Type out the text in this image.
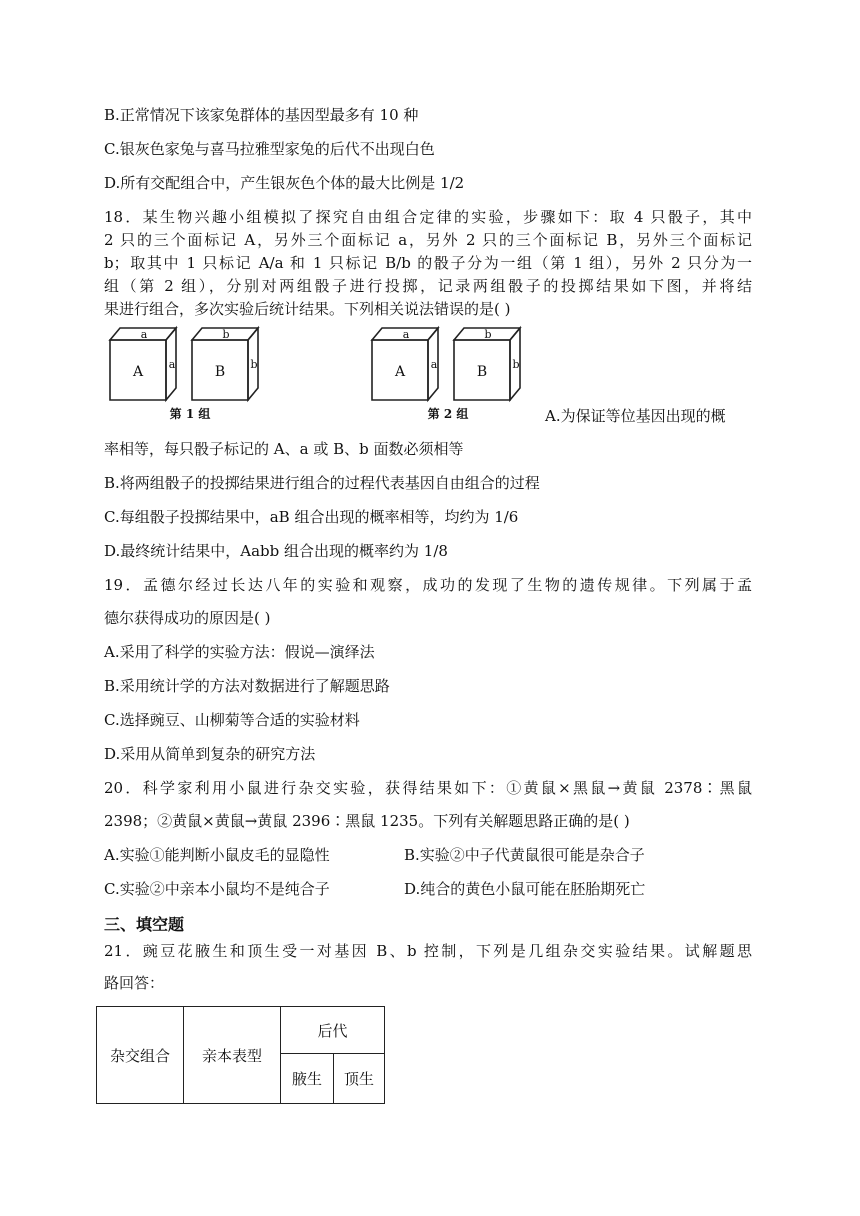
B.正常情况下该家兔群体的基因型最多有 10 种
C.银灰色家兔与喜马拉雅型家兔的后代不出现白色
D.所有交配组合中，产生银灰色个体的最大比例是 1/2
18．某生物兴趣小组模拟了探究自由组合定律的实验，步骤如下：取 4 只骰子，其中
2 只的三个面标记 A，另外三个面标记 a，另外 2 只的三个面标记 B，另外三个面标记
b；取其中 1 只标记 A/a 和 1 只标记 B/b 的骰子分为一组（第 1 组），另外 2 只分为一
组（第 2 组），分别对两组骰子进行投掷，记录两组骰子的投掷结果如下图，并将结
果进行组合，多次实验后统计结果。下列相关说法错误的是( )
A
a
a	B
b
b	A
a
a	B
b
b
第 1 组	第 2 组	A.为保证等位基因出现的概
率相等，每只骰子标记的 A、a 或 B、b 面数必须相等
B.将两组骰子的投掷结果进行组合的过程代表基因自由组合的过程
C.每组骰子投掷结果中，aB 组合出现的概率相等，均约为 1/6
D.最终统计结果中，Aabb 组合出现的概率约为 1/8
19．孟德尔经过长达八年的实验和观察，成功的发现了生物的遗传规律。下列属于孟
德尔获得成功的原因是( )
A.采用了科学的实验方法：假说—演绎法
B.采用统计学的方法对数据进行了解题思路
C.选择豌豆、山柳菊等合适的实验材料
D.采用从简单到复杂的研究方法
20．科学家利用小鼠进行杂交实验，获得结果如下：①黄鼠×黑鼠→黄鼠 2378∶黑鼠
2398；②黄鼠×黄鼠→黄鼠 2396∶黑鼠 1235。下列有关解题思路正确的是( )
A.实验①能判断小鼠皮毛的显隐性	B.实验②中子代黄鼠很可能是杂合子
C.实验②中亲本小鼠均不是纯合子	D.纯合的黄色小鼠可能在胚胎期死亡
三、填空题
21．豌豆花腋生和顶生受一对基因 B、b 控制，下列是几组杂交实验结果。试解题思
路回答：
杂交组合	亲本表型	后代	
		腋生	顶生
